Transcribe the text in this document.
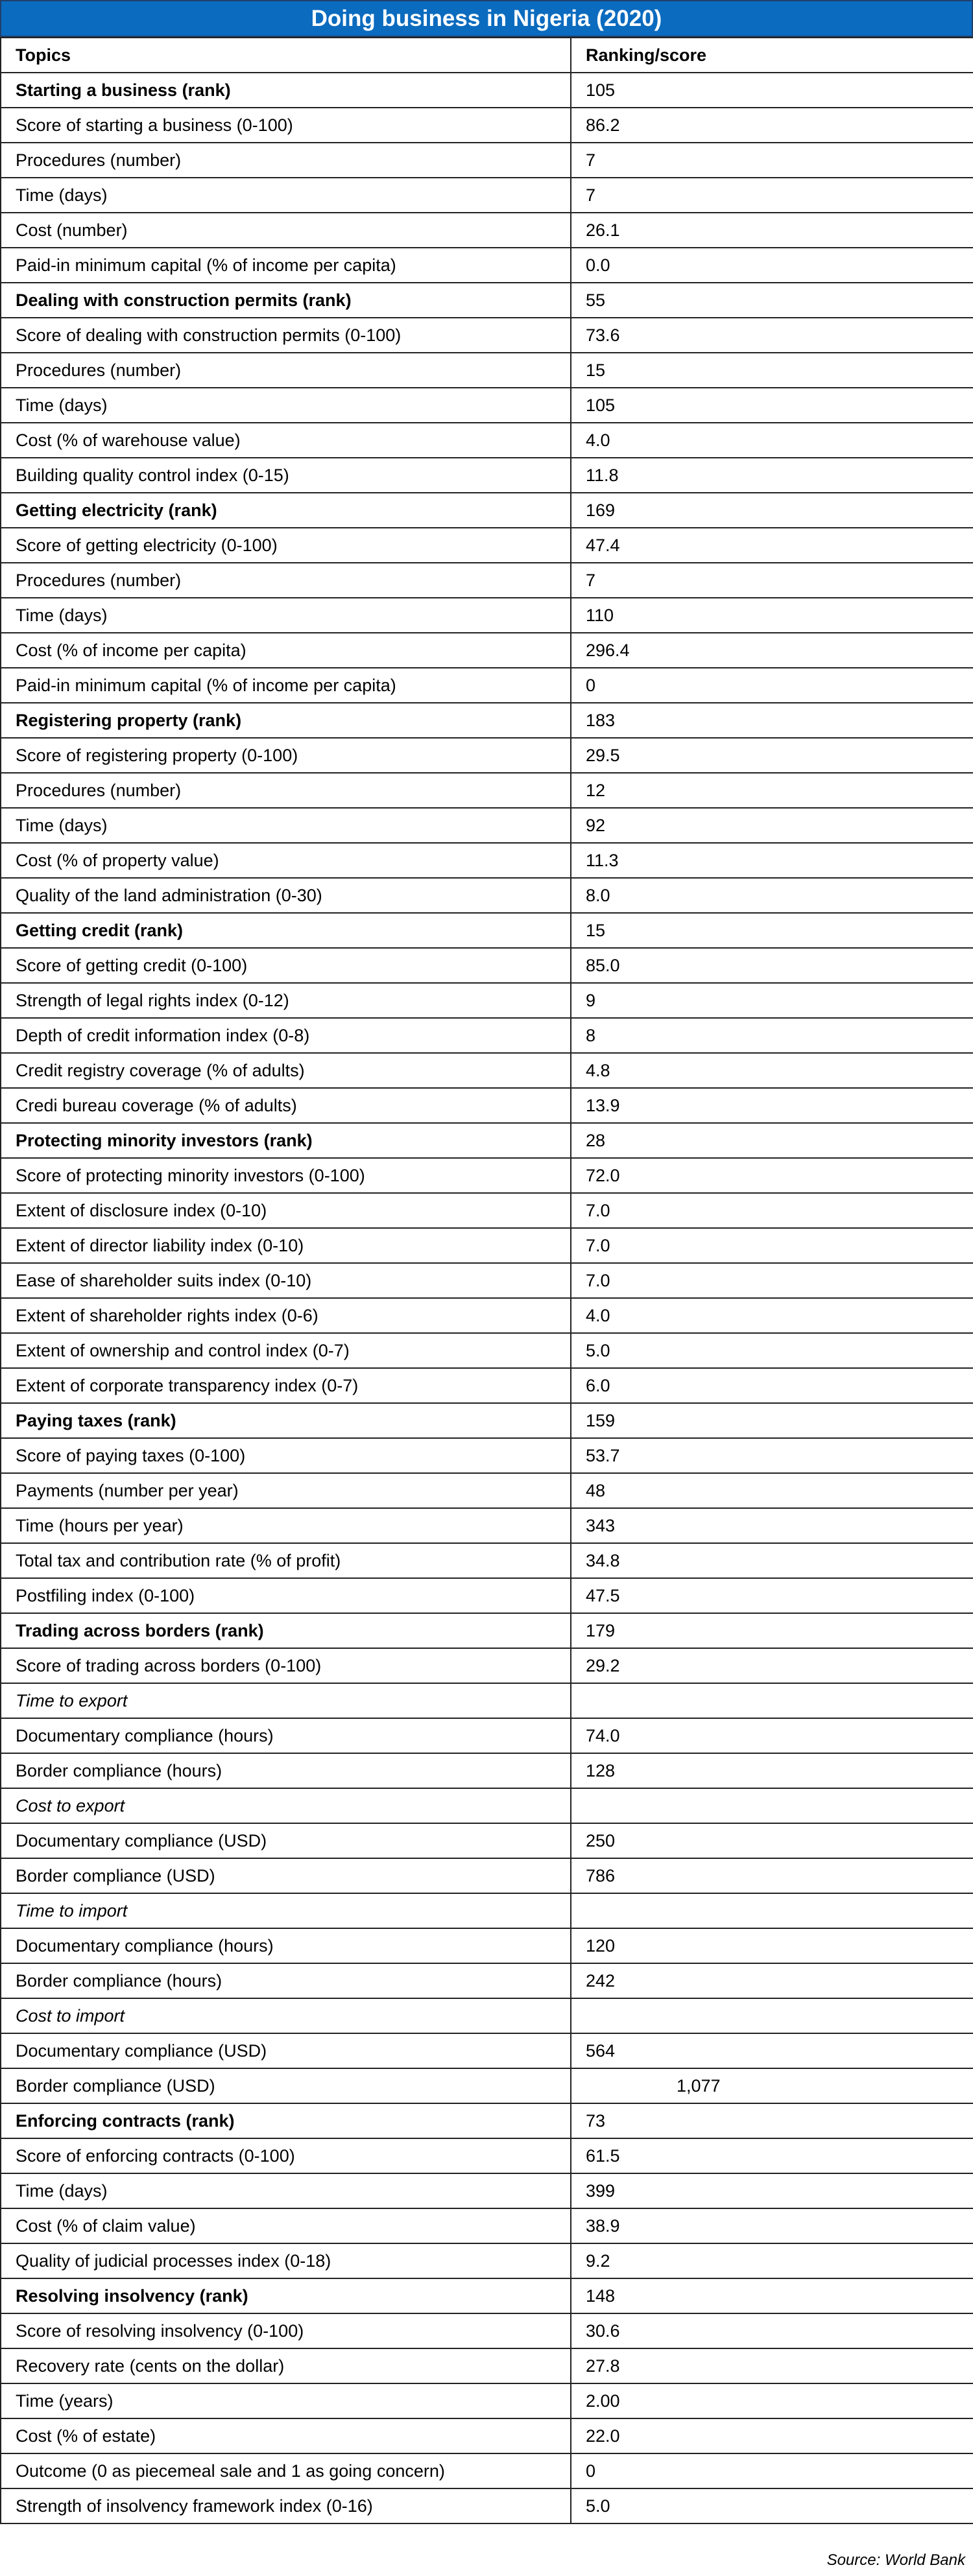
Doing business in Nigeria (2020)
Topics	Ranking/score
Starting a business (rank)	105
Score of starting a business (0-100)	86.2
Procedures (number)	7
Time (days)	7
Cost (number)	26.1
Paid-in minimum capital (% of income per capita)	0.0
Dealing with construction permits (rank)	55
Score of dealing with construction permits (0-100)	73.6
Procedures (number)	15
Time (days)	105
Cost (% of warehouse value)	4.0
Building quality control index (0-15)	11.8
Getting electricity (rank)	169
Score of getting electricity (0-100)	47.4
Procedures (number)	7
Time (days)	110
Cost (% of income per capita)	296.4
Paid-in minimum capital (% of income per capita)	0
Registering property (rank)	183
Score of registering property (0-100)	29.5
Procedures (number)	12
Time (days)	92
Cost (% of property value)	11.3
Quality of the land administration (0-30)	8.0
Getting credit (rank)	15
Score of getting credit (0-100)	85.0
Strength of legal rights index (0-12)	9
Depth of credit information index (0-8)	8
Credit registry coverage (% of adults)	4.8
Credi bureau coverage (% of adults)	13.9
Protecting minority investors (rank)	28
Score of protecting minority investors (0-100)	72.0
Extent of disclosure index (0-10)	7.0
Extent of director liability index (0-10)	7.0
Ease of shareholder suits index (0-10)	7.0
Extent of shareholder rights index (0-6)	4.0
Extent of ownership and control index (0-7)	5.0
Extent of corporate transparency index (0-7)	6.0
Paying taxes (rank)	159
Score of paying taxes (0-100)	53.7
Payments (number per year)	48
Time (hours per year)	343
Total tax and contribution rate (% of profit)	34.8
Postfiling index (0-100)	47.5
Trading across borders (rank)	179
Score of trading across borders (0-100)	29.2
Time to export	
Documentary compliance (hours)	74.0
Border compliance (hours)	128
Cost to export	
Documentary compliance (USD)	250
Border compliance (USD)	786
Time to import	
Documentary compliance (hours)	120
Border compliance (hours)	242
Cost to import	
Documentary compliance (USD)	564
Border compliance (USD)	1,077
Enforcing contracts (rank)	73
Score of enforcing contracts (0-100)	61.5
Time (days)	399
Cost (% of claim value)	38.9
Quality of judicial processes index (0-18)	9.2
Resolving insolvency (rank)	148
Score of resolving insolvency (0-100)	30.6
Recovery rate (cents on the dollar)	27.8
Time (years)	2.00
Cost (% of estate)	22.0
Outcome (0 as piecemeal sale and 1 as going concern)	0
Strength of insolvency framework index (0-16)	5.0
Source: World Bank
